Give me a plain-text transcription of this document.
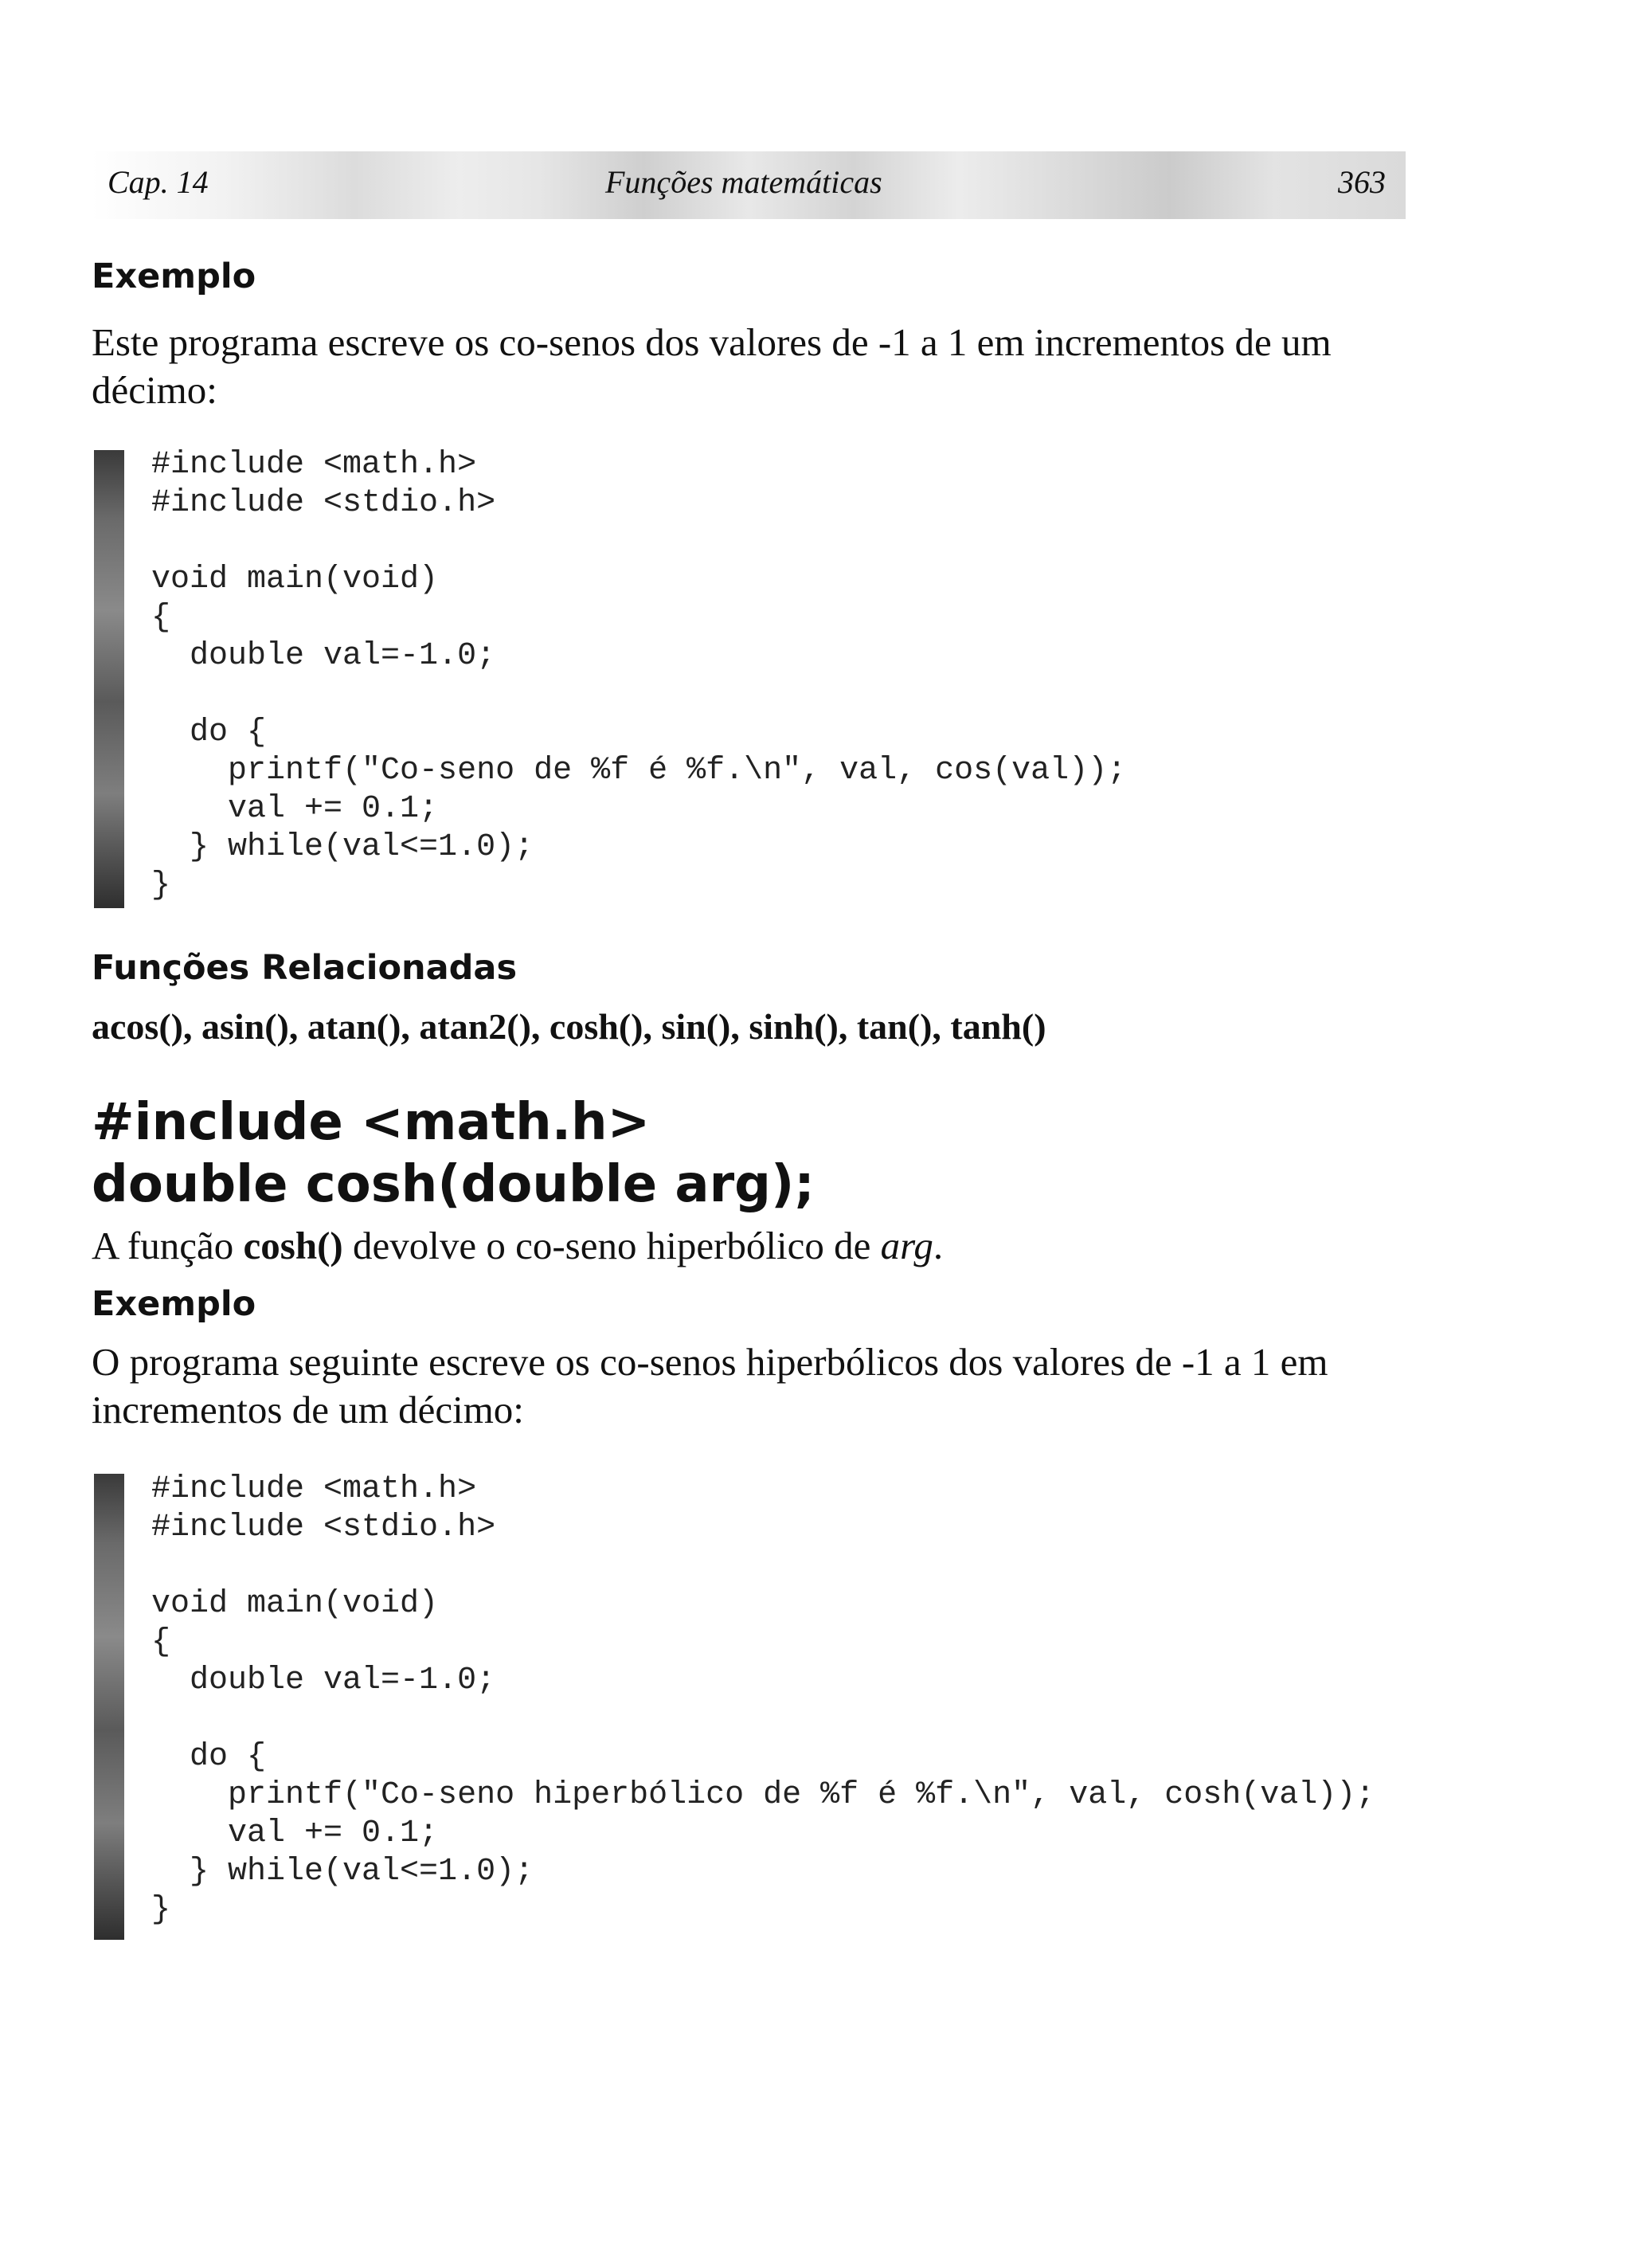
Cap. 14	Funções matemáticas	363
Exemplo
Este programa escreve os co-senos dos valores de -1 a 1 em incrementos de um décimo:
#include <math.h>
#include <stdio.h>

void main(void)
{
double val=-1.0;

do {
printf("Co-seno de %f é %f.\n", val, cos(val));
val += 0.1;
} while(val<=1.0);
}
Funções Relacionadas
acos(), asin(), atan(), atan2(), cosh(), sin(), sinh(), tan(), tanh()
#include <math.h>
double cosh(double arg);
A função cosh() devolve o co-seno hiperbólico de arg.
Exemplo
O programa seguinte escreve os co-senos hiperbólicos dos valores de -1 a 1 em incrementos de um décimo:
#include <math.h>
#include <stdio.h>

void main(void)
{
double val=-1.0;

do {
printf("Co-seno hiperbólico de %f é %f.\n", val, cosh(val));
val += 0.1;
} while(val<=1.0);
}
